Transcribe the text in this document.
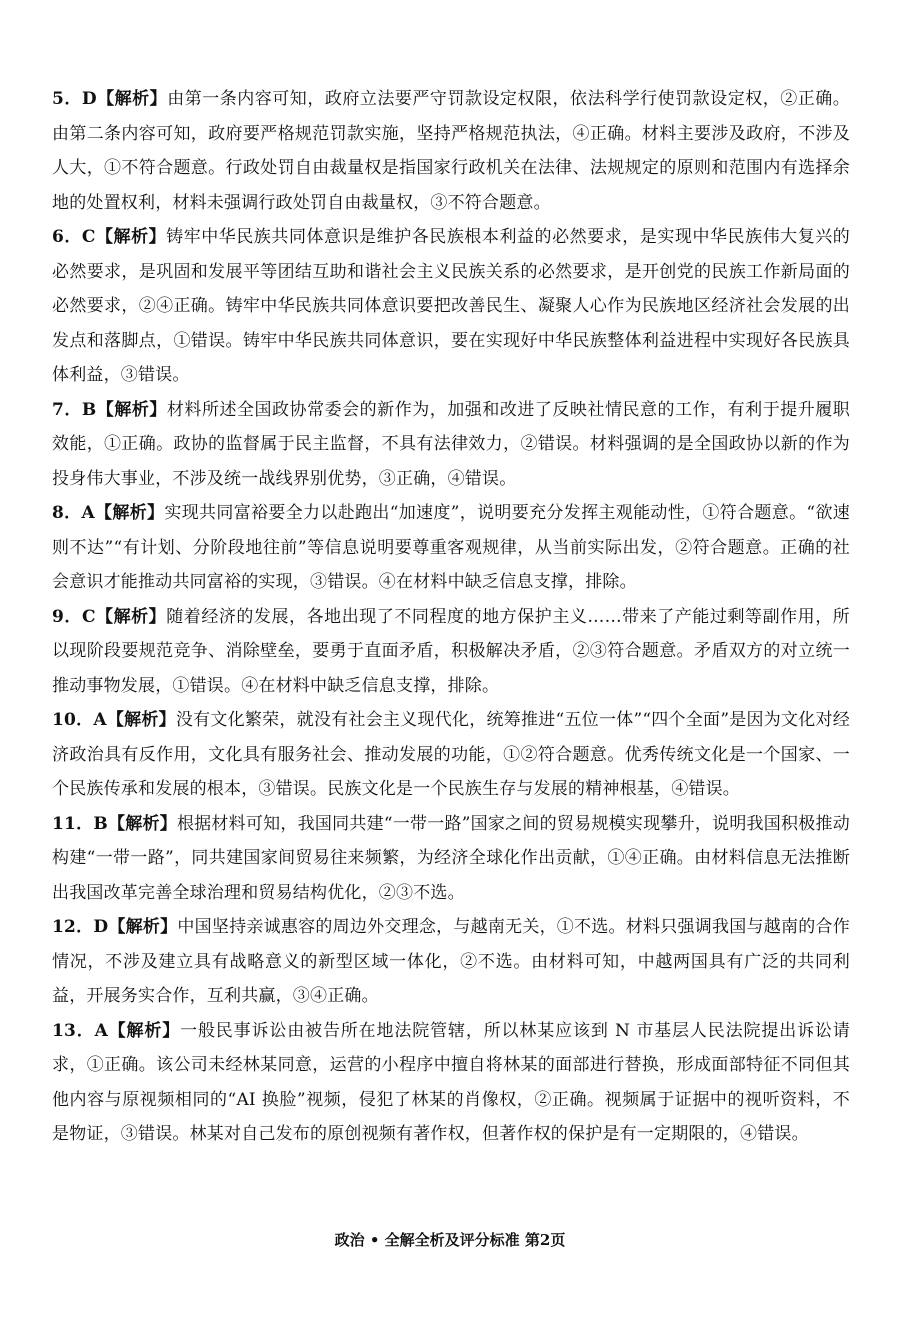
5．D【解析】由第一条内容可知，政府立法要严守罚款设定权限，依法科学行使罚款设定权，②正确。由第二条内容可知，政府要严格规范罚款实施，坚持严格规范执法，④正确。材料主要涉及政府，不涉及人大，①不符合题意。行政处罚自由裁量权是指国家行政机关在法律、法规规定的原则和范围内有选择余地的处置权利，材料未强调行政处罚自由裁量权，③不符合题意。

6．C【解析】铸牢中华民族共同体意识是维护各民族根本利益的必然要求，是实现中华民族伟大复兴的必然要求，是巩固和发展平等团结互助和谐社会主义民族关系的必然要求，是开创党的民族工作新局面的必然要求，②④正确。铸牢中华民族共同体意识要把改善民生、凝聚人心作为民族地区经济社会发展的出发点和落脚点，①错误。铸牢中华民族共同体意识，要在实现好中华民族整体利益进程中实现好各民族具体利益，③错误。

7．B【解析】材料所述全国政协常委会的新作为，加强和改进了反映社情民意的工作，有利于提升履职效能，①正确。政协的监督属于民主监督，不具有法律效力，②错误。材料强调的是全国政协以新的作为投身伟大事业，不涉及统一战线界别优势，③正确，④错误。

8．A【解析】实现共同富裕要全力以赴跑出“加速度”，说明要充分发挥主观能动性，①符合题意。“欲速则不达”“有计划、分阶段地往前”等信息说明要尊重客观规律，从当前实际出发，②符合题意。正确的社会意识才能推动共同富裕的实现，③错误。④在材料中缺乏信息支撑，排除。

9．C【解析】随着经济的发展，各地出现了不同程度的地方保护主义……带来了产能过剩等副作用，所以现阶段要规范竞争、消除壁垒，要勇于直面矛盾，积极解决矛盾，②③符合题意。矛盾双方的对立统一推动事物发展，①错误。④在材料中缺乏信息支撑，排除。

10．A【解析】没有文化繁荣，就没有社会主义现代化，统筹推进“五位一体”“四个全面”是因为文化对经济政治具有反作用，文化具有服务社会、推动发展的功能，①②符合题意。优秀传统文化是一个国家、一个民族传承和发展的根本，③错误。民族文化是一个民族生存与发展的精神根基，④错误。

11．B【解析】根据材料可知，我国同共建“一带一路”国家之间的贸易规模实现攀升，说明我国积极推动构建“一带一路”，同共建国家间贸易往来频繁，为经济全球化作出贡献，①④正确。由材料信息无法推断出我国改革完善全球治理和贸易结构优化，②③不选。

12．D【解析】中国坚持亲诚惠容的周边外交理念，与越南无关，①不选。材料只强调我国与越南的合作情况，不涉及建立具有战略意义的新型区域一体化，②不选。由材料可知，中越两国具有广泛的共同利益，开展务实合作，互利共赢，③④正确。

13．A【解析】一般民事诉讼由被告所在地法院管辖，所以林某应该到 N 市基层人民法院提出诉讼请求，①正确。该公司未经林某同意，运营的小程序中擅自将林某的面部进行替换，形成面部特征不同但其他内容与原视频相同的“AI 换脸”视频，侵犯了林某的肖像权，②正确。视频属于证据中的视听资料，不是物证，③错误。林某对自己发布的原创视频有著作权，但著作权的保护是有一定期限的，④错误。

政治 • 全解全析及评分标准 第2页
